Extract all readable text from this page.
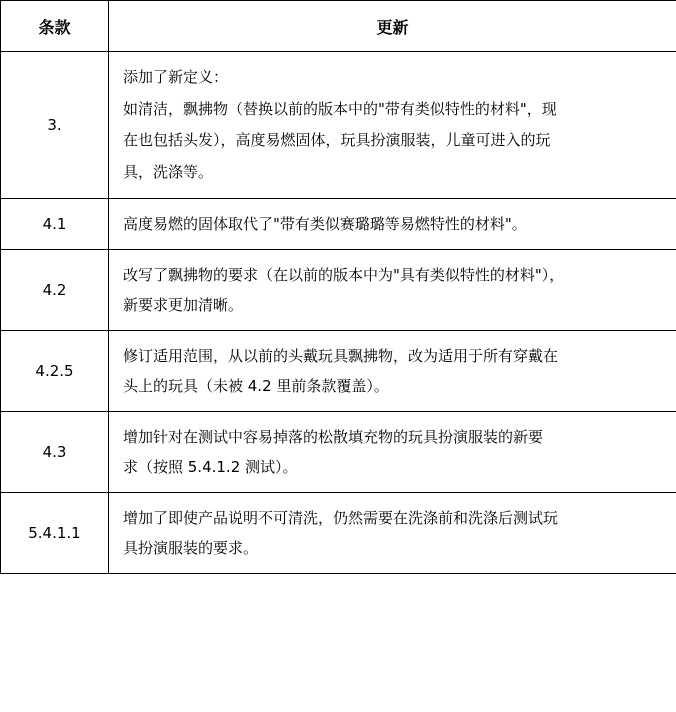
条款	更新
3.	添加了新定义：

如清洁，飘拂物（替换以前的版本中的"带有类似特性的材料"，现

在也包括头发），高度易燃固体，玩具扮演服装，儿童可进入的玩

具，洗涤等。

4.1	高度易燃的固体取代了"带有类似赛璐璐等易燃特性的材料"。

4.2	改写了飘拂物的要求（在以前的版本中为"具有类似特性的材料"），

新要求更加清晰。

4.2.5	修订适用范围，从以前的头戴玩具飘拂物，改为适用于所有穿戴在

头上的玩具（未被 4.2 里前条款覆盖）。

4.3	增加针对在测试中容易掉落的松散填充物的玩具扮演服装的新要

求（按照 5.4.1.2 测试）。

5.4.1.1	增加了即使产品说明不可清洗，仍然需要在洗涤前和洗涤后测试玩

具扮演服装的要求。
